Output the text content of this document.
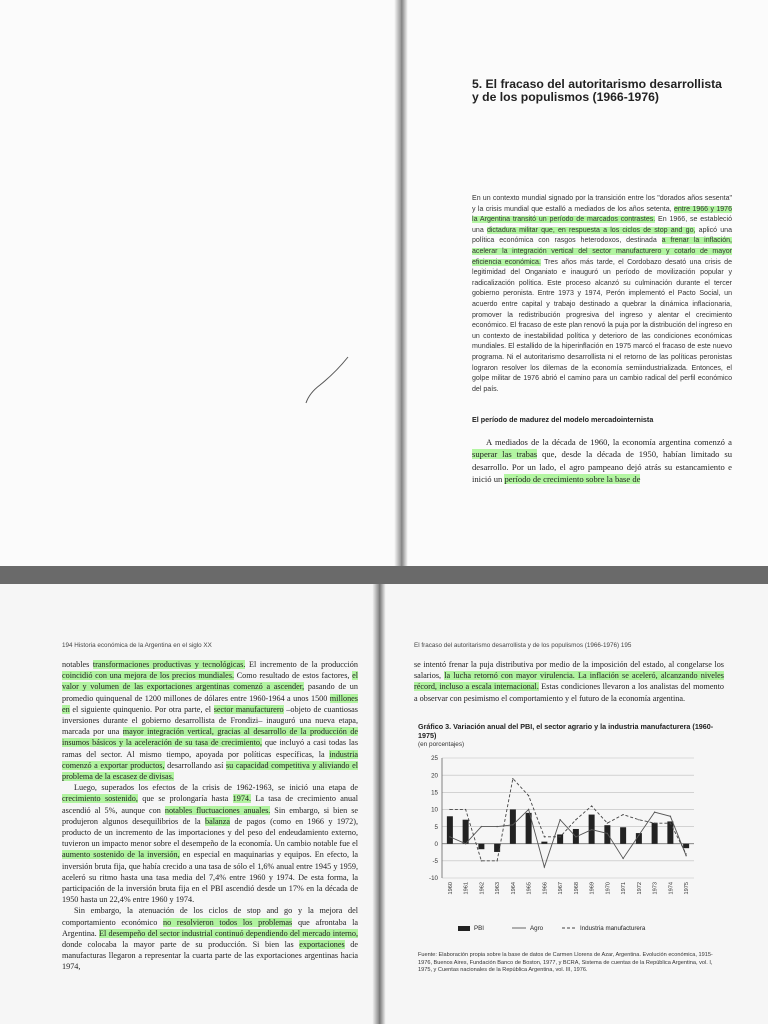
5. El fracaso del autoritarismo desarrollista y de los populismos (1966-1976)

En un contexto mundial signado por la transición entre los "dorados años sesenta" y la crisis mundial que estalló a mediados de los años setenta, entre 1966 y 1976 la Argentina transitó un período de marcados contrastes. En 1966, se estableció una dictadura militar que, en respuesta a los ciclos de stop and go, aplicó una política económica con rasgos heterodoxos, destinada a frenar la inflación, acelerar la integración vertical del sector manufacturero y cotarlo de mayor eficiencia económica. Tres años más tarde, el Cordobazo desató una crisis de legitimidad del Onganiato e inauguró un período de movilización popular y radicalización política. Este proceso alcanzó su culminación durante el tercer gobierno peronista. Entre 1973 y 1974, Perón implementó el Pacto Social, un acuerdo entre capital y trabajo destinado a quebrar la dinámica inflacionaria, promover la redistribución progresiva del ingreso y alentar el crecimiento económico. El fracaso de este plan renovó la puja por la distribución del ingreso en un contexto de inestabilidad política y deterioro de las condiciones económicas mundiales. El estallido de la hiperinflación en 1975 marcó el fracaso de este nuevo programa. Ni el autoritarismo desarrollista ni el retorno de las políticas peronistas lograron resolver los dilemas de la economía semiindustrializada. Entonces, el golpe militar de 1976 abrió el camino para un cambio radical del perfil económico del país.

El período de madurez del modelo mercadointernista

A mediados de la década de 1960, la economía argentina comenzó a superar las trabas que, desde la década de 1950, habían limitado su desarrollo. Por un lado, el agro pampeano dejó atrás su estancamiento e inició un período de crecimiento sobre la base de

194 Historia económica de la Argentina en el siglo XX

notables transformaciones productivas y tecnológicas. El incremento de la producción coincidió con una mejora de los precios mundiales. Como resultado de estos factores, el valor y volumen de las exportaciones argentinas comenzó a ascender, pasando de un promedio quinquenal de 1200 millones de dólares entre 1960-1964 a unos 1500 millones en el siguiente quinquenio. Por otra parte, el sector manufacturero –objeto de cuantiosas inversiones durante el gobierno desarrollista de Frondizi– inauguró una nueva etapa, marcada por una mayor integración vertical, gracias al desarrollo de la producción de insumos básicos y la aceleración de su tasa de crecimiento, que incluyó a casi todas las ramas del sector. Al mismo tiempo, apoyada por políticas específicas, la industria comenzó a exportar productos, desarrollando así su capacidad competitiva y aliviando el problema de la escasez de divisas.

Luego, superados los efectos de la crisis de 1962-1963, se inició una etapa de crecimiento sostenido, que se prolongaría hasta 1974. La tasa de crecimiento anual ascendió al 5%, aunque con notables fluctuaciones anuales. Sin embargo, si bien se produjeron algunos desequilibrios de la balanza de pagos (como en 1966 y 1972), producto de un incremento de las importaciones y del peso del endeudamiento externo, tuvieron un impacto menor sobre el desempeño de la economía. Un cambio notable fue el aumento sostenido de la inversión, en especial en maquinarias y equipos. En efecto, la inversión bruta fija, que había crecido a una tasa de sólo el 1,6% anual entre 1945 y 1959, aceleró su ritmo hasta una tasa media del 7,4% entre 1960 y 1974. De esta forma, la participación de la inversión bruta fija en el PBI ascendió desde un 17% en la década de 1950 hasta un 22,4% entre 1960 y 1974.

Sin embargo, la atenuación de los ciclos de stop and go y la mejora del comportamiento económico no resolvieron todos los problemas que afrontaba la Argentina. El desempeño del sector industrial continuó dependiendo del mercado interno, donde colocaba la mayor parte de su producción. Si bien las exportaciones de manufacturas llegaron a representar la cuarta parte de las exportaciones argentinas hacia 1974,

El fracaso del autoritarismo desarrollista y de los populismos (1966-1976) 195

se intentó frenar la puja distributiva por medio de la imposición del estado, al congelarse los salarios, la lucha retornó con mayor virulencia. La inflación se aceleró, alcanzando niveles récord, incluso a escala internacional. Estas condiciones llevaron a los analistas del momento a observar con pesimismo el comportamiento y el futuro de la economía argentina.

Gráfico 3. Variación anual del PBI, el sector agrario y la industria manufacturera (1960-1975)
(en porcentajes)
-10
-5
0
5
10
15
20
25
1960 1961 1962 1963 1964 1965 1966 1967 1968 1969 1970 1971 1972 1973 1974 1975
PBI	Agro	Industria manufacturera
Fuente: Elaboración propia sobre la base de datos de Carmen Llorens de Azar, Argentina. Evolución económica, 1915-1976, Buenos Aires, Fundación Banco de Boston, 1977, y BCRA, Sistema de cuentas de la República Argentina, vol. I, 1975, y Cuentas nacionales de la República Argentina, vol. III, 1976.
